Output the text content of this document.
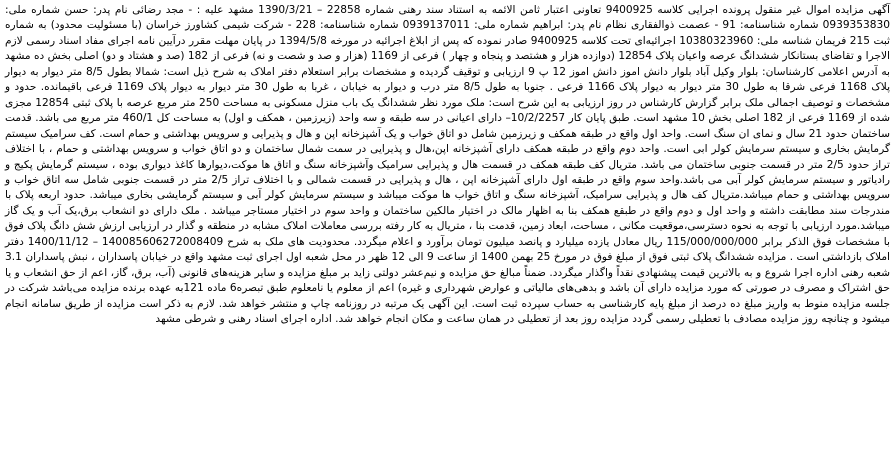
آگهی مزایده اموال غیر منقول پرونده اجرایی کلاسه 9400925 تعاونی اعتبار ثامن الائمه به استناد سند رهنی شماره 22858 – 1390/3/21 مشهد علیه : - مجد رضائی نام پدر: حسن شماره ملی: 0939353830 شماره شناسنامه: 91 - عصمت ذوالفقاری نظام نام پدر: ابراهیم شماره ملی: 0939137011 شماره شناسنامه: 228 - شرکت شیمی کشاورز خراسان (با مسئولیت محدود) به شماره ثبت 215 فریمان شناسه ملی: 10380323960 اجرائیه‌ای تحت کلاسه 9400925 صادر نموده که پس از ابلاغ اجرائیه در مورخه 1394/5/8 در پایان مهلت مقرر درآیین نامه اجرای مفاد اسناد رسمی لازم الاجرا و تقاضای بستانکار ششدانگ عرصه واعیان پلاک 12854 (دوازده هزار و هشتصد و پنجاه و چهار ) فرعی از 1169 (هزار و صد و شصت و نه) فرعی از 182 (صد و هشتاد و دو) اصلی بخش ده مشهد به آدرس اعلامی کارشناسان: بلوار وکیل آباد بلوار دانش اموز دانش اموز 12 پ 9 ارزیابی و توقیف گردیده و مشخصات برابر استعلام دفتر املاک به شرح ذیل است: شمالا بطول 8/5 متر دیوار به دیوار پلاک 1168 فرعی شرقا به طول 30 متر دیوار به دیوار پلاک 1166 فرعی . جنوبا به طول 8/5 متر درب و دیوار به خیابان ، غربا به طول 30 متر دیوار به دیوار پلاک 1169 فرعی باقیمانده. حدود و مشخصات و توصیف اجمالی ملک برابر گزارش کارشناس در روز ارزیابی به این شرح است: ملک مورد نظر ششدانگ یک باب منزل مسکونی به مساحت 250 متر مربع عرصه با پلاک ثبتی 12854 مجزی شده از 1169 فرعی از 182 اصلی بخش 10 مشهد است. طبق پایان کار 10/2/2257– دارای اعیانی در سه طبقه و سه واحد (زیرزمین ، همکف و اول) به مساحت کل 460/1 متر مربع می باشد. قدمت ساختمان حدود 21 سال و نمای ان سنگ است. واحد اول واقع در طبقه همکف و زیرزمین شامل دو اتاق خواب و یک آشپزخانه اپن و هال و پذیرایی و سرویس بهداشتی و حمام است. کف سرامیک سیستم گرمایش بخاری و سیستم سرمایش کولر ابی است. واحد دوم واقع در طبقه همکف دارای آشپزخانه اپن،هال و پذیرایی در سمت شمال ساختمان و دو اتاق خواب و سرویس بهداشتی و حمام ، با اختلاف تراز حدود 2/5 متر در قسمت جنوبی ساختمان می باشد. متریال کف طبقه همکف در قسمت هال و پذیرایی سرامیک وآشپزخانه سنگ و اتاق ها موکت،دیوارها کاغذ دیواری بوده ، سیستم گرمایش پکیج و رادیاتور و سیستم سرمایش کولر آبی می باشد.واحد سوم واقع در طبقه اول دارای آشپزخانه اپن ، هال و پذیرایی در قسمت شمالی و با اختلاف تراز 2/5 متر در قسمت جنوبی شامل سه اتاق خواب و سرویس بهداشتی و حمام میباشد.متریال کف هال و پذیرایی سرامیک، آشپزخانه سنگ و اتاق خواب ها موکت میباشد و سیستم سرمایش کولر آبی و سیستم گرمایشی بخاری میباشد. حدود اربعه پلاک با مندرجات سند مطابقت داشته و واحد اول و دوم واقع در طبقع همکف بنا به اظهار مالک در اختیار مالکین ساختمان و واحد سوم در اختیار مستاجر میباشد . ملک دارای دو انشعاب برق،یک آب و یک گاز میباشد.مورد ارزیابی با توجه به نحوه دسترسی،موقعیت مکانی ، مساحت، ابعاد زمین، قدمت بنا ، متریال به کار رفته بررسی معاملات املاک مشابه در منطقه و گذار در ارزیابی ارزش شش دانگ پلاک فوق با مشخصات فوق الذکر برابر 115/000/000/000 ریال معادل یازده میلیارد و پانصد میلیون تومان برآورد و اعلام میگردد. محدودیت های ملک به شرح 140085606272008409 – 1400/11/12 دفتر املاک بازداشتی است . مزایده ششدانگ پلاک ثبتی فوق از مبلغ فوق در مورخ 25 بهمن 1400 از ساعت 9 الی 12 ظهر در محل شعبه اول اجرای ثبت مشهد واقع در خیابان پاسداران ، نبش پاسداران 3.1 شعبه رهنی اداره اجرا شروع و به بالاترین قیمت پیشنهادی نقداً واگذار میگردد. ضمناً مبالغ حق مزایده و نیم‌عشر دولتی زاید بر مبلغ مزایده و سایر هزینه‌های قانونی (آب، برق، گاز، اعم از حق انشعاب و یا حق اشتراک و مصرف در صورتی که مورد مزایده دارای آن باشد و بدهی‌های مالیاتی و عوارض شهرداری و غیره) اعم از معلوم یا نامعلوم طبق تبصره6 ماده 121به عهده برنده مزایده می‌باشد شرکت در جلسه مزایده منوط به واریز مبلغ ده درصد از مبلغ پایه کارشناسی به حساب سپرده ثبت است. این آگهی یک مرتبه در روزنامه چاپ و منتشر خواهد شد. لازم به ذکر است مزایده از طریق سامانه انجام میشود و چنانچه روز مزایده مصادف با تعطیلی رسمی گردد مزایده روز بعد از تعطیلی در همان ساعت و مکان انجام خواهد شد. اداره اجرای اسناد رهنی و شرطی مشهد
